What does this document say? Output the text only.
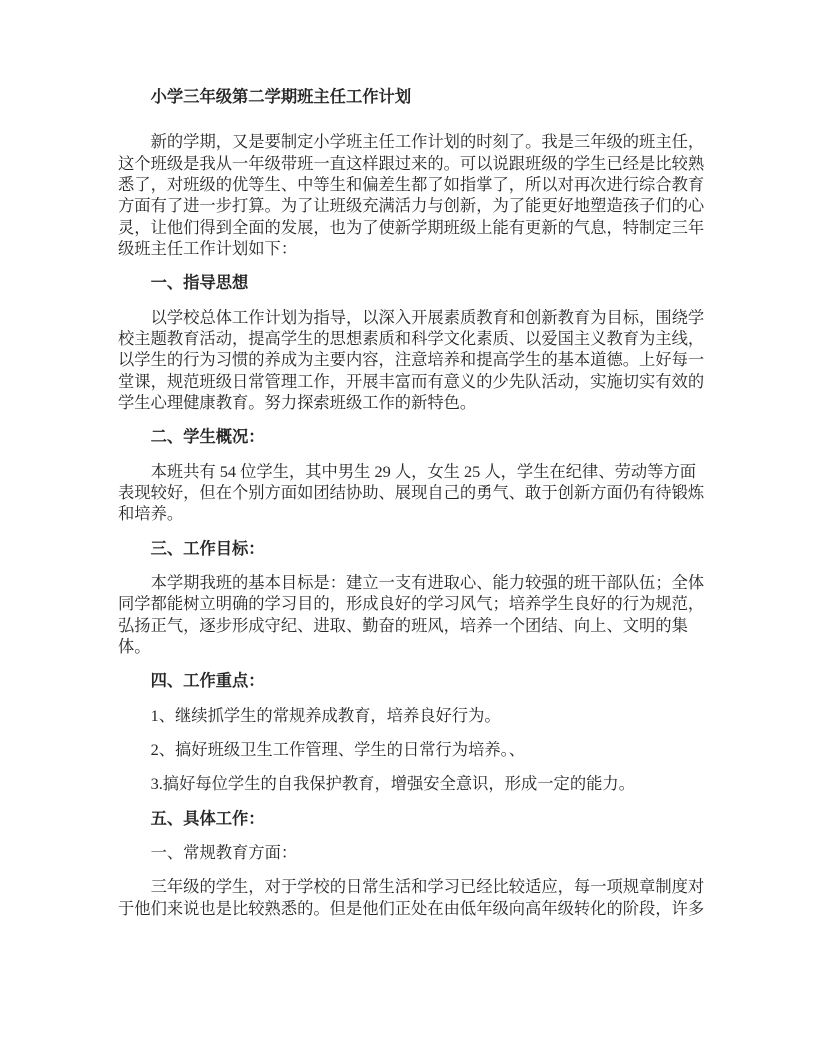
小学三年级第二学期班主任工作计划

新的学期，又是要制定小学班主任工作计划的时刻了。我是三年级的班主任，这个班级是我从一年级带班一直这样跟过来的。可以说跟班级的学生已经是比较熟悉了，对班级的优等生、中等生和偏差生都了如指掌了，所以对再次进行综合教育方面有了进一步打算。为了让班级充满活力与创新，为了能更好地塑造孩子们的心灵，让他们得到全面的发展，也为了使新学期班级上能有更新的气息，特制定三年级班主任工作计划如下：

一、指导思想

以学校总体工作计划为指导，以深入开展素质教育和创新教育为目标，围绕学校主题教育活动，提高学生的思想素质和科学文化素质、以爱国主义教育为主线，以学生的行为习惯的养成为主要内容，注意培养和提高学生的基本道德。上好每一堂课，规范班级日常管理工作，开展丰富而有意义的少先队活动，实施切实有效的学生心理健康教育。努力探索班级工作的新特色。

二、学生概况：

本班共有 54 位学生，其中男生 29 人，女生 25 人，学生在纪律、劳动等方面表现较好，但在个别方面如团结协助、展现自己的勇气、敢于创新方面仍有待锻炼和培养。

三、工作目标：

本学期我班的基本目标是：建立一支有进取心、能力较强的班干部队伍；全体同学都能树立明确的学习目的，形成良好的学习风气；培养学生良好的行为规范，弘扬正气，逐步形成守纪、进取、勤奋的班风，培养一个团结、向上、文明的集体。

四、工作重点：

1、继续抓学生的常规养成教育，培养良好行为。

2、搞好班级卫生工作管理、学生的日常行为培养。、

3.搞好每位学生的自我保护教育，增强安全意识，形成一定的能力。

五、具体工作：

一、常规教育方面：

三年级的学生，对于学校的日常生活和学习已经比较适应，每一项规章制度对于他们来说也是比较熟悉的。但是他们正处在由低年级向高年级转化的阶段，许多
